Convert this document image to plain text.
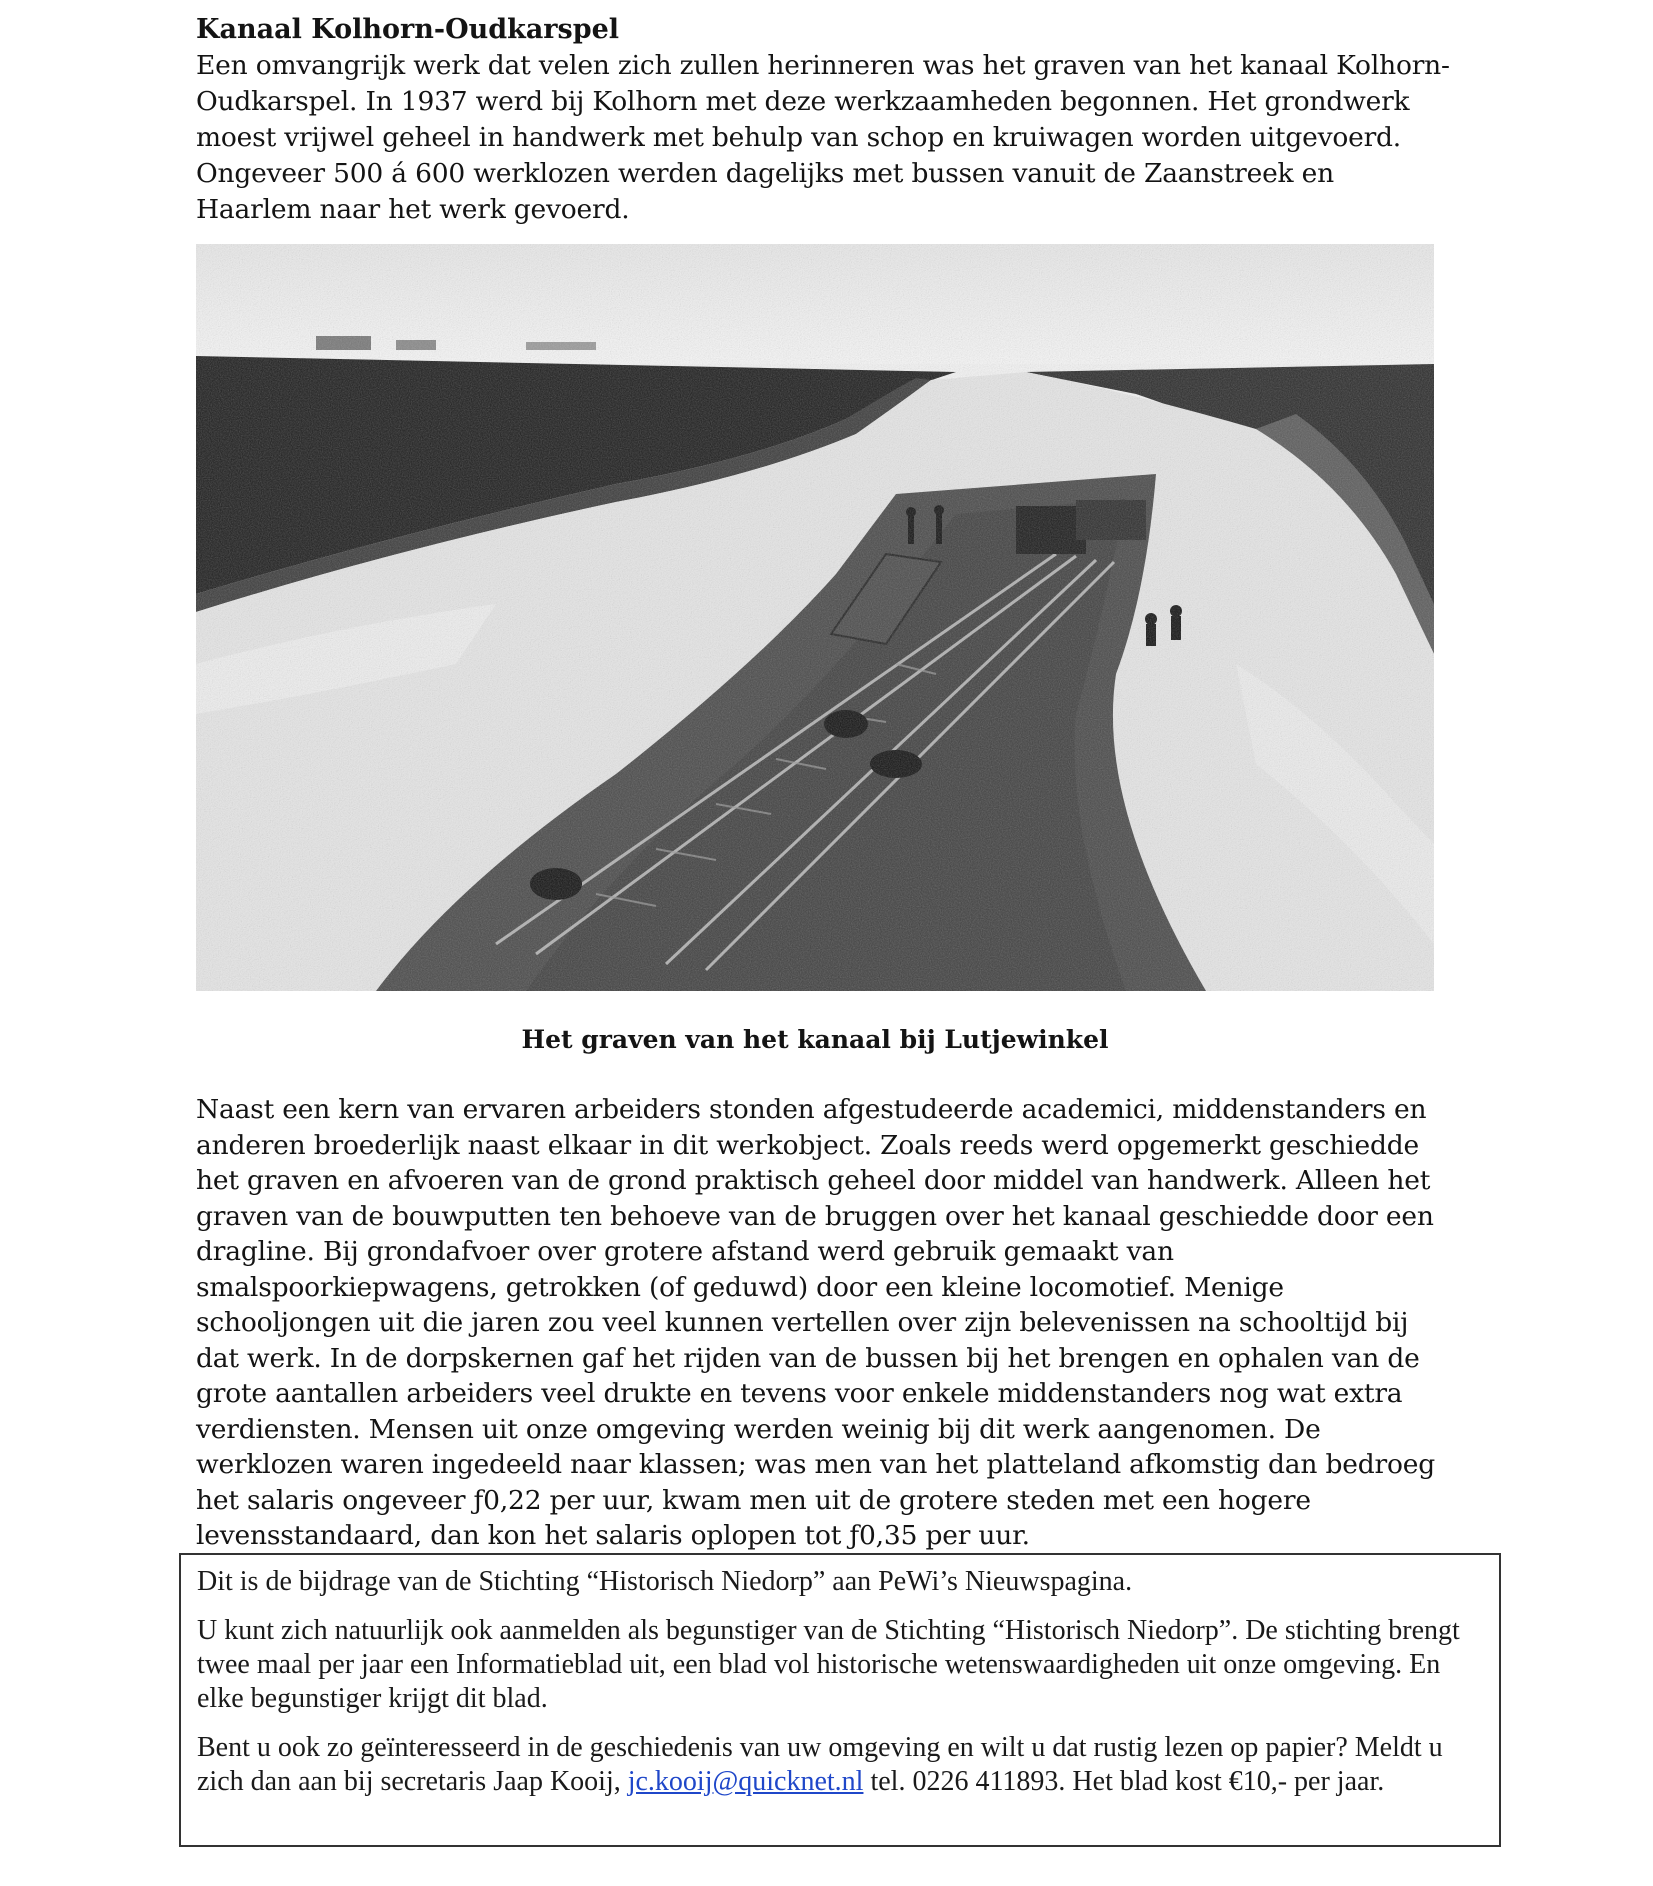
Kanaal Kolhorn-Oudkarspel

Een omvangrijk werk dat velen zich zullen herinneren was het graven van het kanaal Kolhorn-Oudkarspel. In 1937 werd bij Kolhorn met deze werkzaamheden begonnen. Het grondwerk moest vrijwel geheel in handwerk met behulp van schop en kruiwagen worden uitgevoerd. Ongeveer 500 á 600 werklozen werden dagelijks met bussen vanuit de Zaanstreek en Haarlem naar het werk gevoerd.

Het graven van het kanaal bij Lutjewinkel

Naast een kern van ervaren arbeiders stonden afgestudeerde academici, middenstanders en anderen broederlijk naast elkaar in dit werkobject. Zoals reeds werd opgemerkt geschiedde het graven en afvoeren van de grond praktisch geheel door middel van handwerk. Alleen het graven van de bouwputten ten behoeve van de bruggen over het kanaal geschiedde door een dragline. Bij grondafvoer over grotere afstand werd gebruik gemaakt van smalspoorkiepwagens, getrokken (of geduwd) door een kleine locomotief. Menige schooljongen uit die jaren zou veel kunnen vertellen over zijn belevenissen na schooltijd bij dat werk. In de dorpskernen gaf het rijden van de bussen bij het brengen en ophalen van de grote aantallen arbeiders veel drukte en tevens voor enkele middenstanders nog wat extra verdiensten. Mensen uit onze omgeving werden weinig bij dit werk aangenomen. De werklozen waren ingedeeld naar klassen; was men van het platteland afkomstig dan bedroeg het salaris ongeveer ƒ0,22 per uur, kwam men uit de grotere steden met een hogere levensstandaard, dan kon het salaris oplopen tot ƒ0,35 per uur.

Dit is de bijdrage van de Stichting “Historisch Niedorp” aan PeWi’s Nieuwspagina.

U kunt zich natuurlijk ook aanmelden als begunstiger van de Stichting “Historisch Niedorp”. De stichting brengt twee maal per jaar een Informatieblad uit, een blad vol historische wetenswaardigheden uit onze omgeving. En elke begunstiger krijgt dit blad.

Bent u ook zo geïnteresseerd in de geschiedenis van uw omgeving en wilt u dat rustig lezen op papier? Meldt u zich dan aan bij secretaris Jaap Kooij, jc.kooij@quicknet.nl tel. 0226 411893. Het blad kost €10,- per jaar.
